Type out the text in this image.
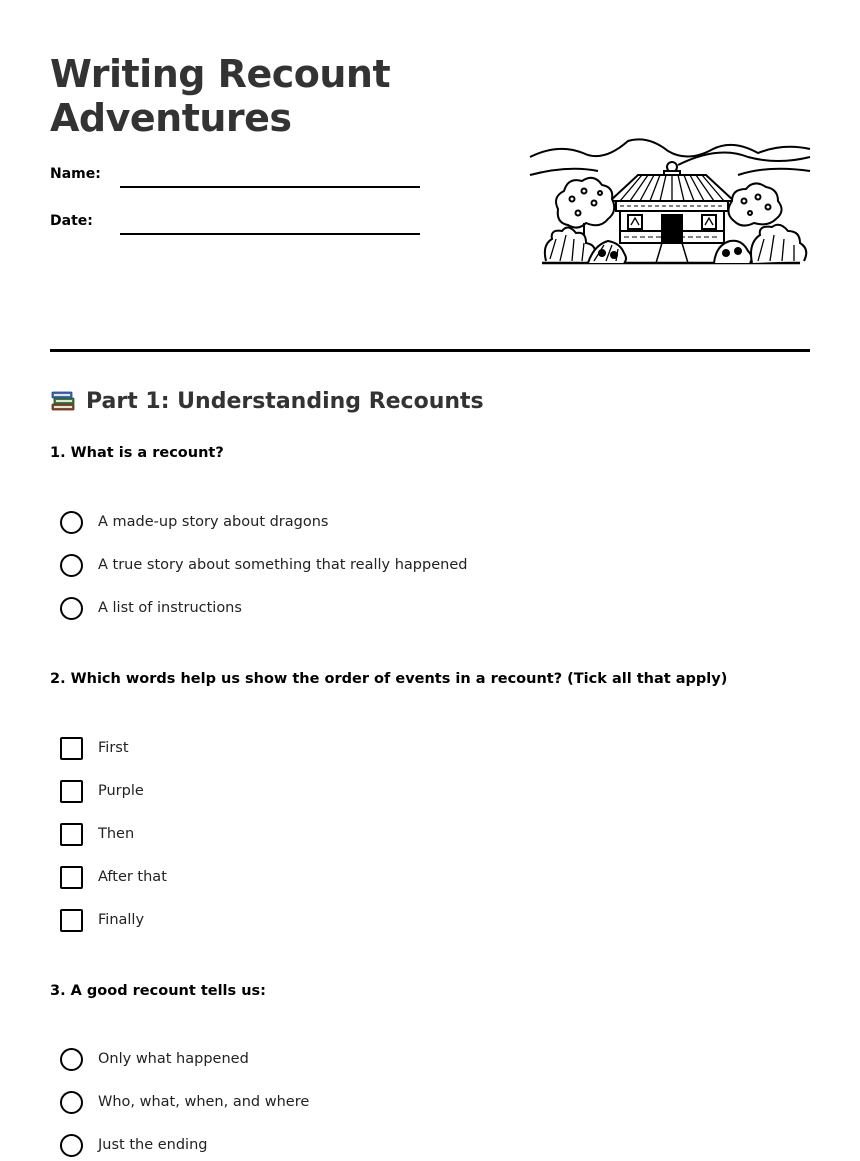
Writing Recount Adventures
Name:
Date:
Part 1: Understanding Recounts
1. What is a recount?
A made-up story about dragons
A true story about something that really happened
A list of instructions
2. Which words help us show the order of events in a recount? (Tick all that apply)
First
Purple
Then
After that
Finally
3. A good recount tells us:
Only what happened
Who, what, when, and where
Just the ending
